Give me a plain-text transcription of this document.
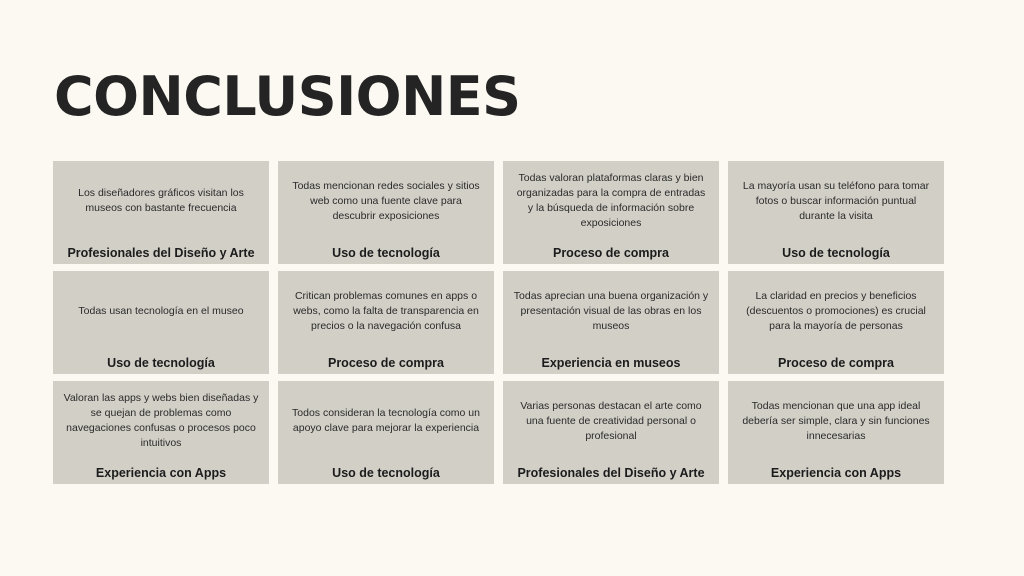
CONCLUSIONES
Los diseñadores gráficos visitan los museos con bastante frecuencia
Profesionales del Diseño y Arte
Todas mencionan redes sociales y sitios web como una fuente clave para descubrir exposiciones
Uso de tecnología
Todas valoran plataformas claras y bien organizadas para la compra de entradas y la búsqueda de información sobre exposiciones
Proceso de compra
La mayoría usan su teléfono para tomar fotos o buscar información puntual durante la visita
Uso de tecnología
Todas usan tecnología en el museo
Uso de tecnología
Critican problemas comunes en apps o webs, como la falta de transparencia en precios o la navegación confusa
Proceso de compra
Todas aprecian una buena organización y presentación visual de las obras en los museos
Experiencia en museos
La claridad en precios y beneficios (descuentos o promociones) es crucial para la mayoría de personas
Proceso de compra
Valoran las apps y webs bien diseñadas y se quejan de problemas como navegaciones confusas o procesos poco intuitivos
Experiencia con Apps
Todos consideran la tecnología como un apoyo clave para mejorar la experiencia
Uso de tecnología
Varias personas destacan el arte como una fuente de creatividad personal o profesional
Profesionales del Diseño y Arte
Todas mencionan que una app ideal debería ser simple, clara y sin funciones innecesarias
Experiencia con Apps
